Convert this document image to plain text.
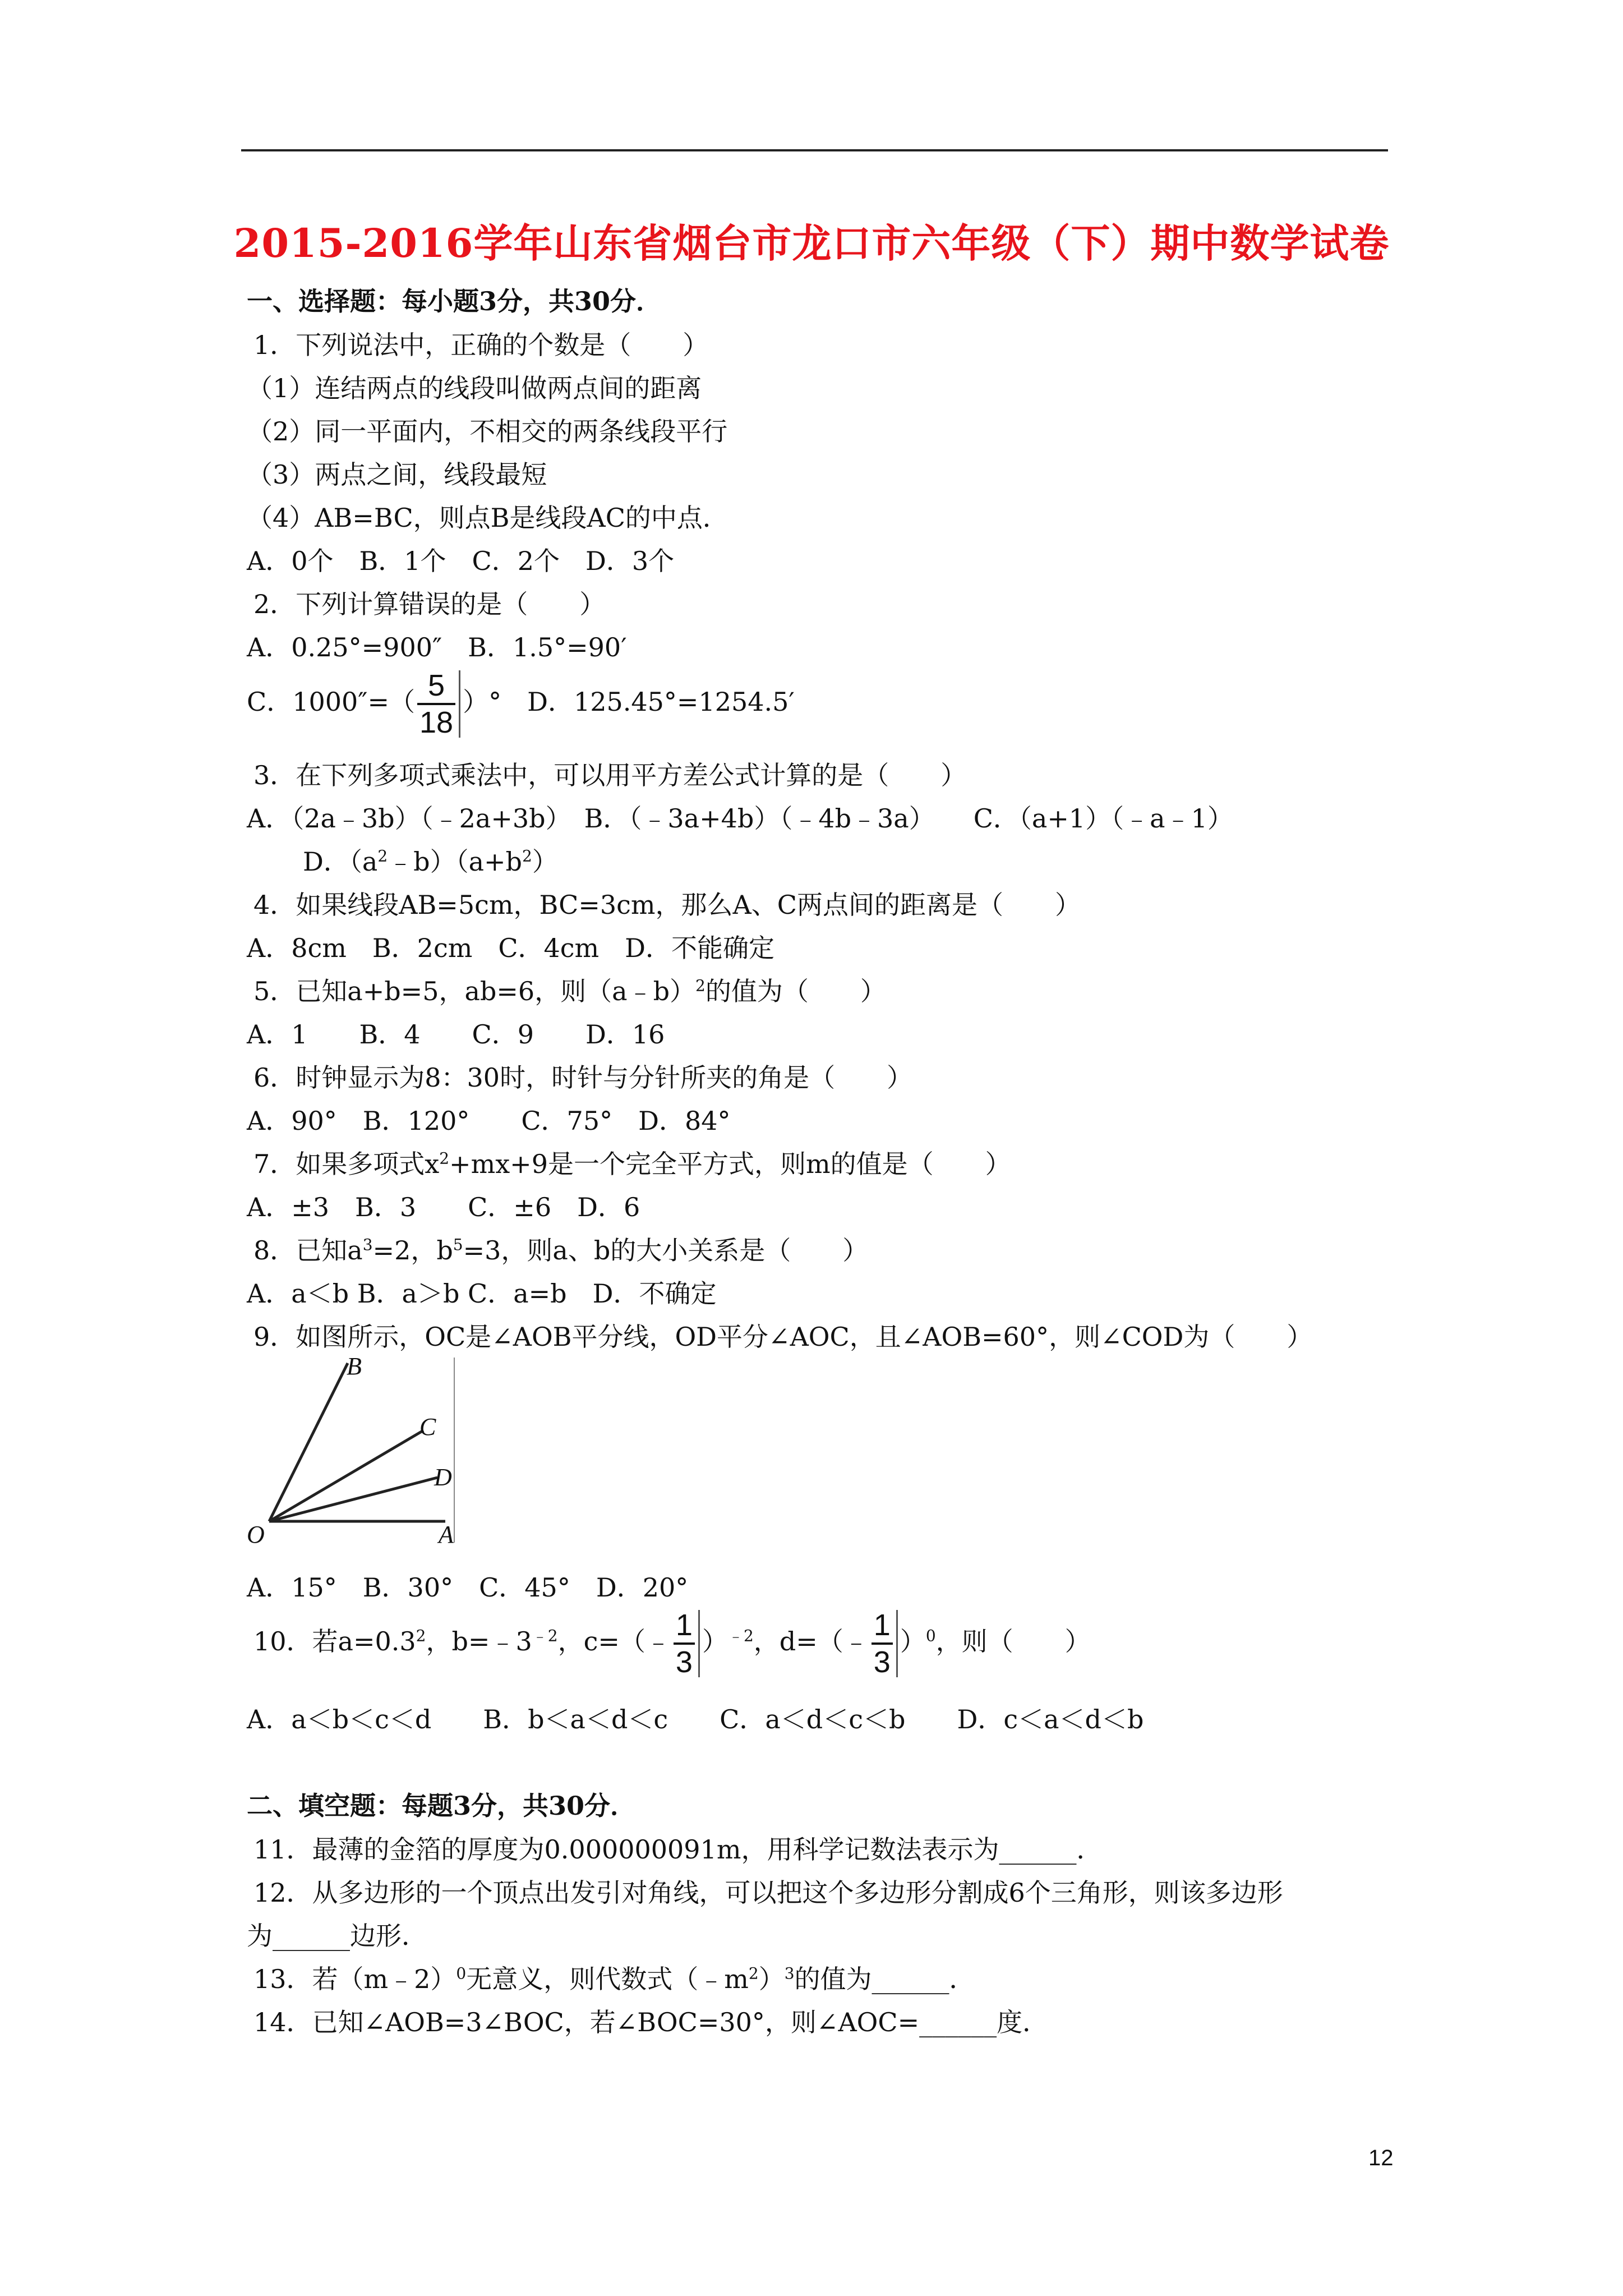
2015-2016学年山东省烟台市龙口市六年级（下）期中数学试卷
一、选择题：每小题3分，共30分．
1．下列说法中，正确的个数是（　　）
（1）连结两点的线段叫做两点间的距离
（2）同一平面内，不相交的两条线段平行
（3）两点之间，线段最短
（4）AB=BC，则点B是线段AC的中点．
A．0个　B．1个　C．2个　D．3个
2．下列计算错误的是（　　）
A．0.25°=900″　B．1.5°=90′
C．$1000''=( \frac{5}{18}$ ）°　D．125.45°=1254.5′
3．在下列多项式乘法中，可以用平方差公式计算的是（　　）
A．（2a﹣3b）（﹣2a+3b）　B．（﹣3a+4b）（﹣4b﹣3a）　　C．（a+1）（﹣a﹣1）
D．$(a^2﹣b)(a+b^2)$
4．如果线段AB=5cm，BC=3cm，那么A、C两点间的距离是（　　）
A．8cm　B．2cm　C．4cm　D．不能确定
5．已知a+b=5，ab=6，则（a﹣b）$^2$的值为（　　）
A．1　　B．4　　C．9　　D．16
6．时钟显示为8：30时，时针与分针所夹的角是（　　）
A．90°　B．120°　　C．75°　D．84°
7．如果多项式$x^2+mx+9$是一个完全平方式，则m的值是（　　）
A．±3　B．3　　C．±6　D．6
8．已知$a^3=2$，$b^5=3$，则a、b的大小关系是（　　）
A．a＜b B．a＞b C．a=b　D．不确定
9．如图所示，OC是∠AOB平分线，OD平分∠AOC，且∠AOB=60°，则∠COD为（　　）
O	A
B
C
D
A．15°　B．30°　C．45°　D．20°
10．若$a=0.3^2$，$b=﹣3^{﹣2}$，c=（﹣ $\frac{1}{3} )^{﹣2}$，d=（﹣ $\frac{1}{3} )^0$，则（　　）
A．a＜b＜c＜d　　B．b＜a＜d＜c　　C．a＜d＜c＜b　　D．c＜a＜d＜b
二、填空题：每题3分，共30分．
11．最薄的金箔的厚度为0.000000091m，用科学记数法表示为______．
12．从多边形的一个顶点出发引对角线，可以把这个多边形分割成6个三角形，则该多边形
为______边形．
13．若（m﹣2）$^0$无意义，则代数式$(﹣m^2)^3$的值为______．
14．已知∠AOB=3∠BOC，若∠BOC=30°，则∠AOC=______度．
12
